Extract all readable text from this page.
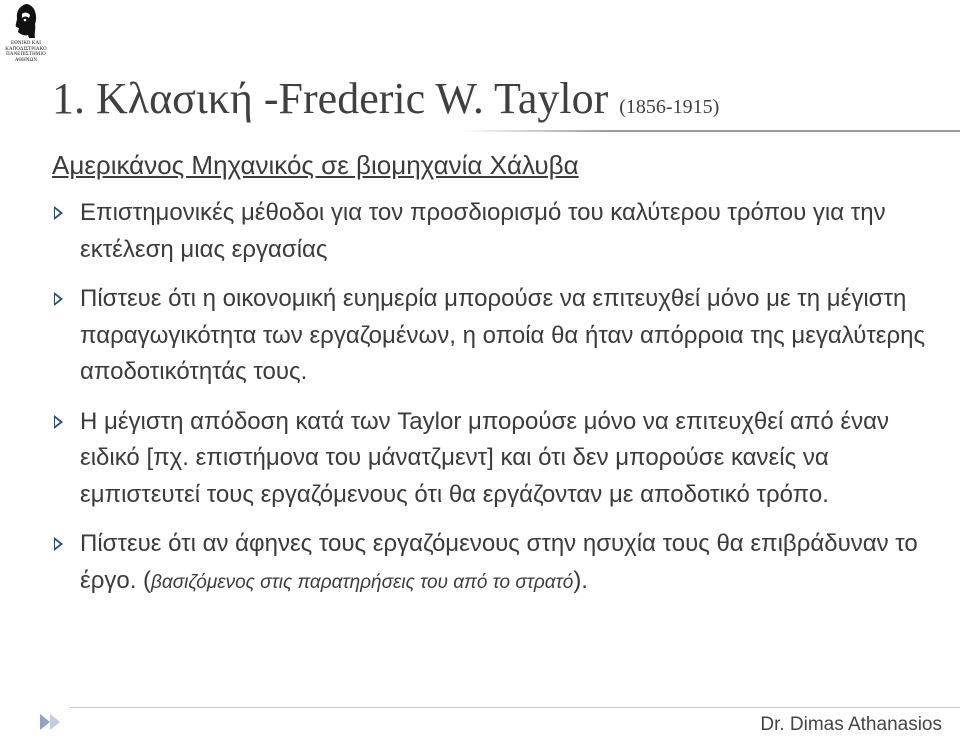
ΕΘΝΙΚΟ ΚΑΙ
ΚΑΠΟΔΙΣΤΡΙΑΚΟ
ΠΑΝΕΠΙΣΤΗΜΙΟ
ΑΘΗΝΩΝ
1. Κλασική -Frederic W. Taylor (1856-1915)
Αμερικάνος Μηχανικός σε βιομηχανία Χάλυβα
Επιστημονικές μέθοδοι για τον προσδιορισμό του καλύτερου τρόπου για την εκτέλεση μιας εργασίας
Πίστευε ότι η οικονομική ευημερία μπορούσε να επιτευχθεί μόνο με τη μέγιστη παραγωγικότητα των εργαζομένων, η οποία θα ήταν απόρροια της μεγαλύτερης αποδοτικότητάς τους.
Η μέγιστη απόδοση κατά των Taylor μπορούσε μόνο να επιτευχθεί από έναν ειδικό [πχ. επιστήμονα του μάνατζμεντ] και ότι δεν μπορούσε κανείς να εμπιστευτεί τους εργαζόμενους ότι θα εργάζονταν με αποδοτικό τρόπο.
Πίστευε ότι αν άφηνες τους εργαζόμενους στην ησυχία τους θα επιβράδυναν το έργο. (βασιζόμενος στις παρατηρήσεις του από το στρατό).
Dr. Dimas Athanasios
